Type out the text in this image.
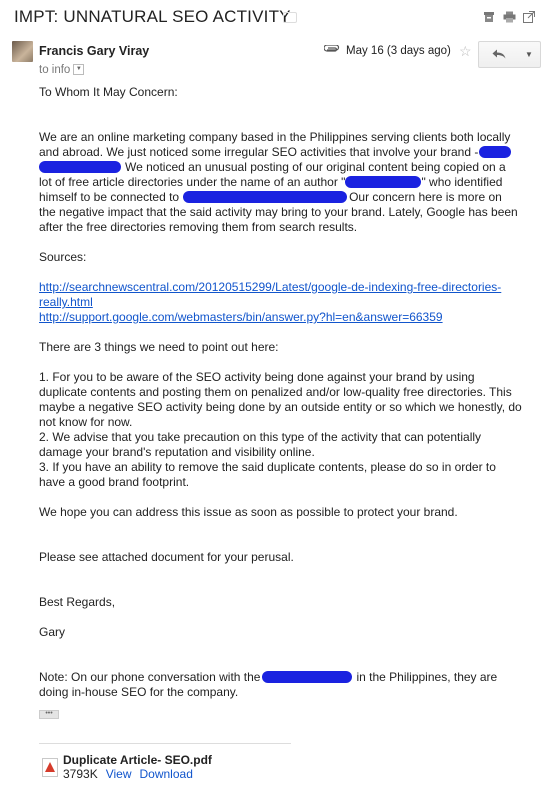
IMPT: UNNATURAL SEO ACTIVITY
Francis Gary Viray
to info ▼
May 16 (3 days ago) ☆	▼
To Whom It May Concern:
We are an online marketing company based in the Philippines serving clients both locally
and abroad. We just noticed some irregular SEO activities that involve your brand -
We noticed an unusual posting of our original content being copied on a
lot of free article directories under the name of an author "	" who identified
himself to be connected to	Our concern here is more on
the negative impact that the said activity may bring to your brand. Lately, Google has been
after the free directories removing them from search results.
Sources:
http://searchnewscentral.com/20120515299/Latest/google-de-indexing-free-directories-
really.html
http://support.google.com/webmasters/bin/answer.py?hl=en&answer=66359
There are 3 things we need to point out here:
1. For you to be aware of the SEO activity being done against your brand by using
duplicate contents and posting them on penalized and/or low-quality free directories. This
maybe a negative SEO activity being done by an outside entity or so which we honestly, do
not know for now.
2. We advise that you take precaution on this type of the activity that can potentially
damage your brand's reputation and visibility online.
3. If you have an ability to remove the said duplicate contents, please do so in order to
have a good brand footprint.
We hope you can address this issue as soon as possible to protect your brand.
Please see attached document for your perusal.
Best Regards,
Gary
Note: On our phone conversation with the	in the Philippines, they are
doing in-house SEO for the company.
•••
Duplicate Article- SEO.pdf
3793K View Download
